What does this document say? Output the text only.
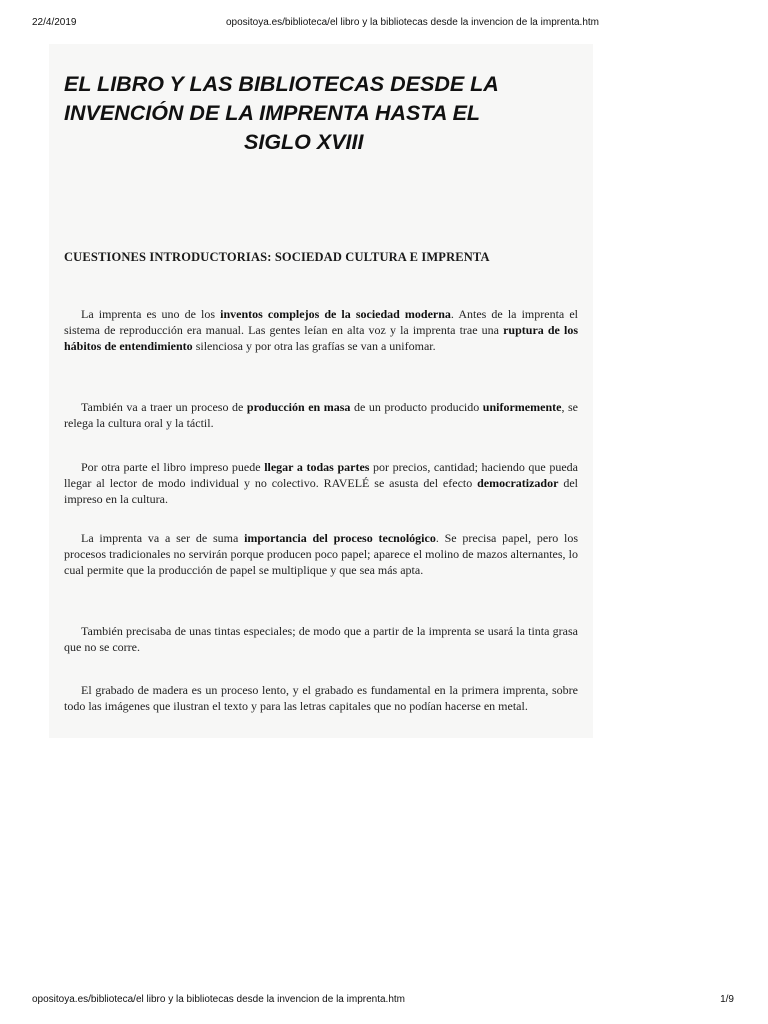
22/4/2019	opositoya.es/biblioteca/el libro y la bibliotecas desde la invencion de la imprenta.htm
EL LIBRO Y LAS BIBLIOTECAS DESDE LA
INVENCIÓN DE LA IMPRENTA HASTA EL
SIGLO XVIII
CUESTIONES INTRODUCTORIAS: SOCIEDAD CULTURA E IMPRENTA

La imprenta es uno de los inventos complejos de la sociedad moderna. Antes de la imprenta el sistema de reproducción era manual. Las gentes leían en alta voz y la imprenta trae una ruptura de los hábitos de entendimiento silenciosa y por otra las grafías se van a unifomar.

También va a traer un proceso de producción en masa de un producto producido uniformemente, se relega la cultura oral y la táctil.

Por otra parte el libro impreso puede llegar a todas partes por precios, cantidad; haciendo que pueda llegar al lector de modo individual y no colectivo. RAVELÉ se asusta del efecto democratizador del impreso en la cultura.

La imprenta va a ser de suma importancia del proceso tecnológico. Se precisa papel, pero los procesos tradicionales no servirán porque producen poco papel; aparece el molino de mazos alternantes, lo cual permite que la producción de papel se multiplique y que sea más apta.

También precisaba de unas tintas especiales; de modo que a partir de la imprenta se usará la tinta grasa que no se corre.

El grabado de madera es un proceso lento, y el grabado es fundamental en la primera imprenta, sobre todo las imágenes que ilustran el texto y para las letras capitales que no podían hacerse en metal.

opositoya.es/biblioteca/el libro y la bibliotecas desde la invencion de la imprenta.htm	1/9
